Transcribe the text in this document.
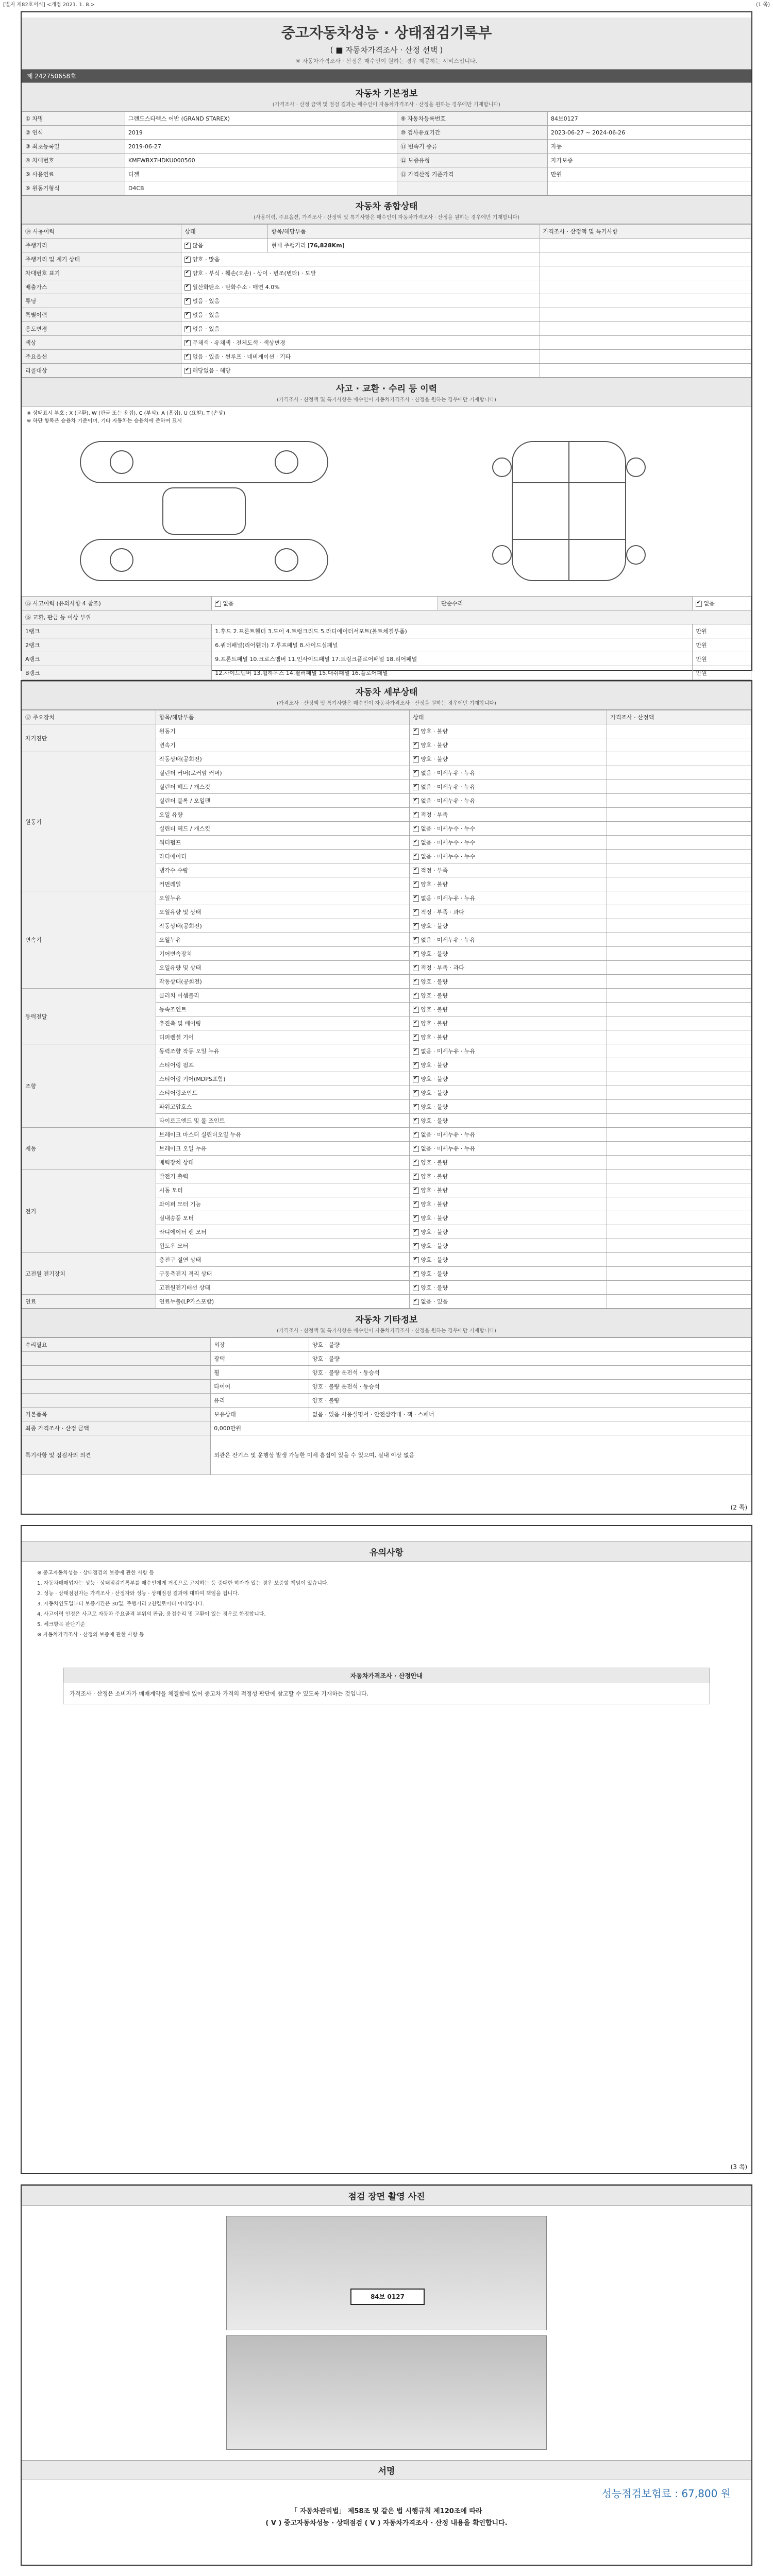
[별지 제82호서식] <개정 2021. 1. 8.>	(1 쪽)
중고자동차성능 · 상태점검기록부
( ■ 자동차가격조사 · 산정 선택 )
※ 자동차가격조사 · 산정은 매수인이 원하는 경우 제공하는 서비스입니다.
제 242750658호
자동차 기본정보
(가격조사 · 산정 금액 및 점검 결과는 매수인이 자동차가격조사 · 산정을 원하는 경우에만 기재합니다)
① 차명	그랜드스타렉스 어반 (GRAND STAREX)	⑨ 자동차등록번호	84보0127
② 연식	2019	⑩ 검사유효기간	2023-06-27 ~ 2024-06-26
③ 최초등록일	2019-06-27	⑪ 변속기 종류	자동
④ 차대번호	KMFWBX7HDKU000560	⑫ 보증유형	자가보증
⑤ 사용연료	디젤	⑬ 가격산정 기준가격	만원
⑥ 원동기형식	D4CB		
자동차 종합상태
(사용이력, 주요옵션, 가격조사 · 산정액 및 특기사항은 매수인이 자동차가격조사 · 산정을 원하는 경우에만 기재합니다)
⑭ 사용이력	상태	항목/해당부품	가격조사 · 산정액 및 특기사항
주행거리	✔많음	현재 주행거리 [76,828Km]	
주행거리 및 계기 상태	✔양호 · 많음	
차대번호 표기	✔양호 · 부식 · 훼손(오손) · 상이 · 변조(변타) · 도말	
배출가스	✔일산화탄소 · 탄화수소 · 매연 4.0%	
튜닝	✔없음 · 있음	
특별이력	✔없음 · 있음	
용도변경	✔없음 · 있음	
색상	✔무채색 · 유채색 · 전체도색 · 색상변경	
주요옵션	✔없음 · 있음 · 썬루프 · 네비게이션 · 기타	
리콜대상	✔해당없음 · 해당	
사고 · 교환 · 수리 등 이력
(가격조사 · 산정액 및 특기사항은 매수인이 자동차가격조사 · 산정을 원하는 경우에만 기재합니다)
※ 상태표시 부호 : X (교환), W (판금 또는 용접), C (부식), A (흠집), U (요철), T (손상)
※ 하단 항목은 승용차 기준이며, 기타 자동차는 승용차에 준하여 표시
⑮ 사고이력 (유의사항 4 참조)	✔없음	단순수리	✔없음
⑯ 교환, 판금 등 이상 부위			
1랭크	1.후드 2.프론트휀더 3.도어 4.트렁크리드 5.라디에이터서포트(볼트체결부품)		만원
2랭크	6.쿼터패널(리어휀더) 7.루프패널 8.사이드실패널		만원
A랭크	9.프론트패널 10.크로스멤버 11.인사이드패널 17.트렁크플로어패널 18.리어패널		만원
B랭크	12.사이드멤버 13.휠하우스 14.필러패널 15.대쉬패널 16.플로어패널		만원

자동차 세부상태
(가격조사 · 산정액 및 특기사항은 매수인이 자동차가격조사 · 산정을 원하는 경우에만 기재합니다)
⑰ 주요장치	항목/해당부품	상태	가격조사 · 산정액
자기진단	원동기	✔양호 · 불량	
	변속기	✔양호 · 불량	
원동기	작동상태(공회전)	✔양호 · 불량	
	실린더 커버(로커암 커버)	✔없음 · 미세누유 · 누유	
	실린더 헤드 / 개스킷	✔없음 · 미세누유 · 누유	
	실린더 블록 / 오일팬	✔없음 · 미세누유 · 누유	
	오일 유량	✔적정 · 부족	
	실린더 헤드 / 개스킷	✔없음 · 미세누수 · 누수	
	워터펌프	✔없음 · 미세누수 · 누수	
	라디에이터	✔없음 · 미세누수 · 누수	
	냉각수 수량	✔적정 · 부족	
	커먼레일	✔양호 · 불량	
변속기	오일누유	✔없음 · 미세누유 · 누유	
	오일유량 및 상태	✔적정 · 부족 · 과다	
	작동상태(공회전)	✔양호 · 불량	
	오일누유	✔없음 · 미세누유 · 누유	
	기어변속장치	✔양호 · 불량	
	오일유량 및 상태	✔적정 · 부족 · 과다	
	작동상태(공회전)	✔양호 · 불량	
동력전달	클러치 어셈블리	✔양호 · 불량	
	등속조인트	✔양호 · 불량	
	추진축 및 베어링	✔양호 · 불량	
	디퍼렌셜 기어	✔양호 · 불량	
조향	동력조향 작동 오일 누유	✔없음 · 미세누유 · 누유	
	스티어링 펌프	✔양호 · 불량	
	스티어링 기어(MDPS포함)	✔양호 · 불량	
	스티어링조인트	✔양호 · 불량	
	파워고압호스	✔양호 · 불량	
	타이로드엔드 및 볼 조인트	✔양호 · 불량	
제동	브레이크 마스터 실린더오일 누유	✔없음 · 미세누유 · 누유	
	브레이크 오일 누유	✔없음 · 미세누유 · 누유	
	배력장치 상태	✔양호 · 불량	
전기	발전기 출력	✔양호 · 불량	
	시동 모터	✔양호 · 불량	
	와이퍼 모터 기능	✔양호 · 불량	
	실내송풍 모터	✔양호 · 불량	
	라디에이터 팬 모터	✔양호 · 불량	
	윈도우 모터	✔양호 · 불량	
고전원 전기장치	충전구 절연 상태	✔양호 · 불량	
	구동축전지 격리 상태	✔양호 · 불량	
	고전원전기배선 상태	✔양호 · 불량	
연료	연료누출(LP가스포함)	✔없음 · 있음	
자동차 기타정보
(가격조사 · 산정액 및 특기사항은 매수인이 자동차가격조사 · 산정을 원하는 경우에만 기재합니다)
수리필요	외장	양호 · 불량
	광택	양호 · 불량
	휠	양호 · 불량 운전석 · 동승석
	타이어	양호 · 불량 운전석 · 동승석
	유리	양호 · 불량
기본품목	보유상태	없음 · 있음 사용설명서 · 안전삼각대 · 잭 · 스패너
최종 가격조사 · 산정 금액	0,000만원	
특기사항 및 점검자의 의견	외관은 잔기스 및 운행상 발생 가능한 미세 흠집이 있을 수 있으며, 실내 이상 없음	
(2 쪽)
유의사항

※ 중고자동차성능 · 상태점검의 보증에 관한 사항 등

1. 자동차매매업자는 성능 · 상태점검기록부를 매수인에게 거짓으로 고지하는 등 중대한 하자가 있는 경우 보증할 책임이 있습니다.

2. 성능 · 상태점검자는 가격조사 · 산정자와 성능 · 상태점검 결과에 대하여 책임을 집니다.

3. 자동차인도일부터 보증기간은 30일, 주행거리 2천킬로미터 이내입니다.

4. 사고이력 인정은 사고로 자동차 주요골격 부위의 판금, 용접수리 및 교환이 있는 경우로 한정합니다.

5. 체크항목 판단기준

※ 자동차가격조사 · 산정의 보증에 관한 사항 등

자동차가격조사 · 산정안내
가격조사 · 산정은 소비자가 매매계약을 체결함에 있어 중고차 가격의 적정성 판단에 참고할 수 있도록 기재하는 것입니다.
(3 쪽)
점검 장면 촬영 사진
84보 0127
서명
성능점검보험료 : 67,800 원
「 자동차관리법」 제58조 및 같은 법 시행규칙 제120조에 따라
( V ) 중고자동차성능 · 상태점검 ( V ) 자동차가격조사 · 산정 내용을 확인합니다.
